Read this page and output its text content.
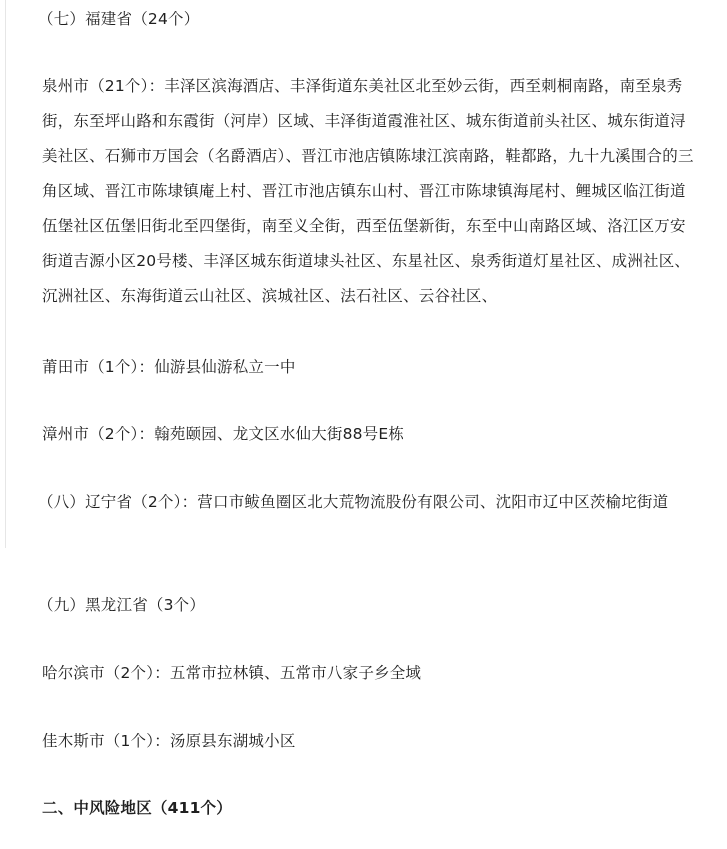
（七）福建省（24个）

泉州市（21个）：丰泽区滨海酒店、丰泽街道东美社区北至妙云街，西至刺桐南路，南至泉秀街，东至坪山路和东霞街（河岸）区域、丰泽街道霞淮社区、城东街道前头社区、城东街道浔美社区、石狮市万国会（名爵酒店）、晋江市池店镇陈埭江滨南路，鞋都路，九十九溪围合的三角区域、晋江市陈埭镇庵上村、晋江市池店镇东山村、晋江市陈埭镇海尾村、鲤城区临江街道伍堡社区伍堡旧街北至四堡街，南至义全街，西至伍堡新街，东至中山南路区域、洛江区万安街道吉源小区20号楼、丰泽区城东街道埭头社区、东星社区、泉秀街道灯星社区、成洲社区、沉洲社区、东海街道云山社区、滨城社区、法石社区、云谷社区、

莆田市（1个）：仙游县仙游私立一中

漳州市（2个）：翰苑颐园、龙文区水仙大街88号E栋

（八）辽宁省（2个）：营口市鲅鱼圈区北大荒物流股份有限公司、沈阳市辽中区茨榆坨街道

（九）黑龙江省（3个）

哈尔滨市（2个）：五常市拉林镇、五常市八家子乡全域

佳木斯市（1个）：汤原县东湖城小区

二、中风险地区（411个）
